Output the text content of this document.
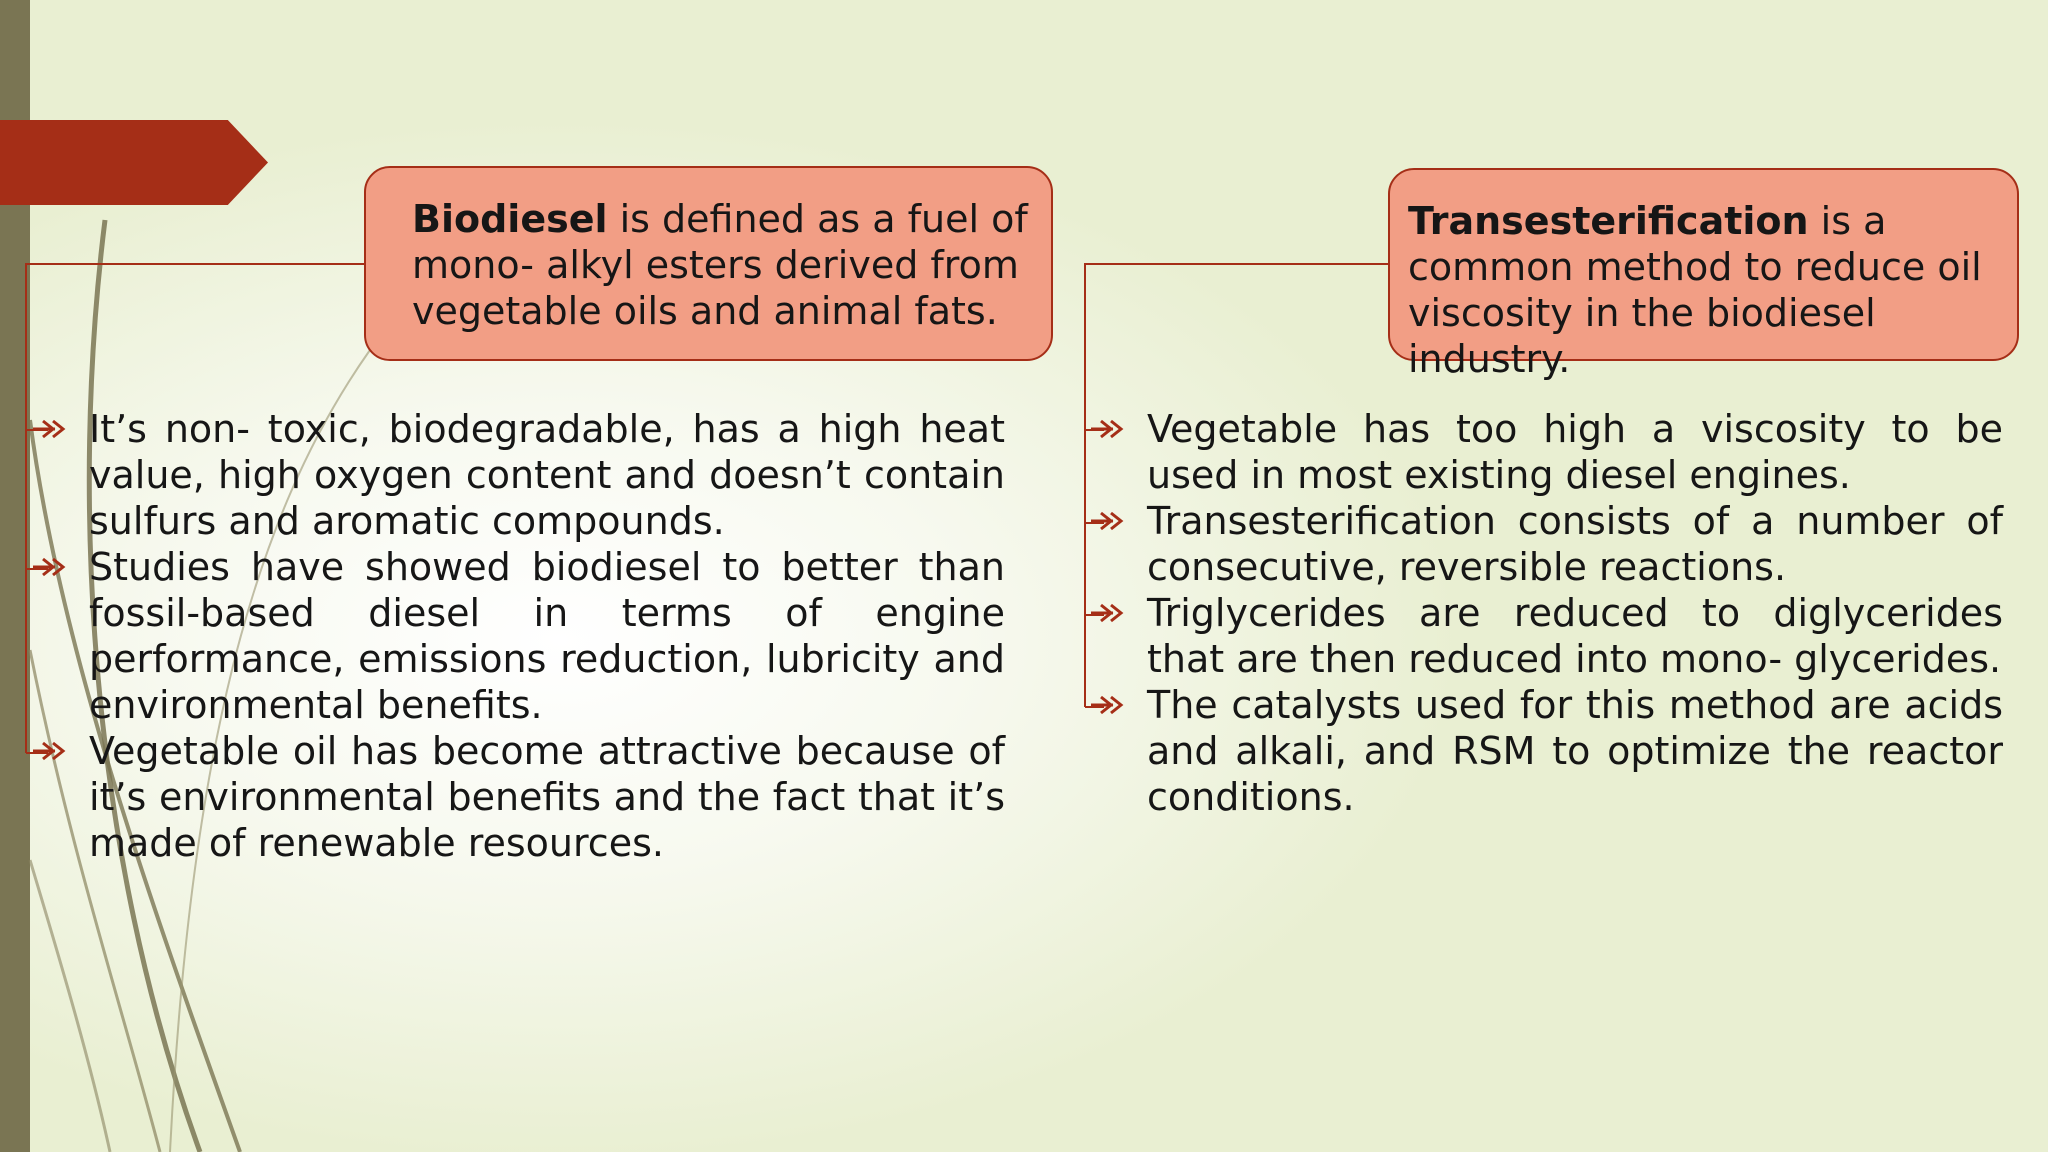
Biodiesel is defined as a fuel of mono- alkyl esters derived from vegetable oils and animal fats.
Transesterification is a common method to reduce oil viscosity in the biodiesel industry.
It’s non- toxic, biodegradable, has a high heat value, high oxygen content and doesn’t contain sulfurs and aromatic compounds.
Studies have showed biodiesel to better than fossil-based diesel in terms of engine performance, emissions reduction, lubricity and environmental benefits.
Vegetable oil has become attractive because of it’s environmental benefits and the fact that it’s made of renewable resources.
Vegetable has too high a viscosity to be used in most existing diesel engines.
Transesterification consists of a number of consecutive, reversible reactions.
Triglycerides are reduced to diglycerides that are then reduced into mono- glycerides.
The catalysts used for this method are acids and alkali, and RSM to optimize the reactor conditions.
